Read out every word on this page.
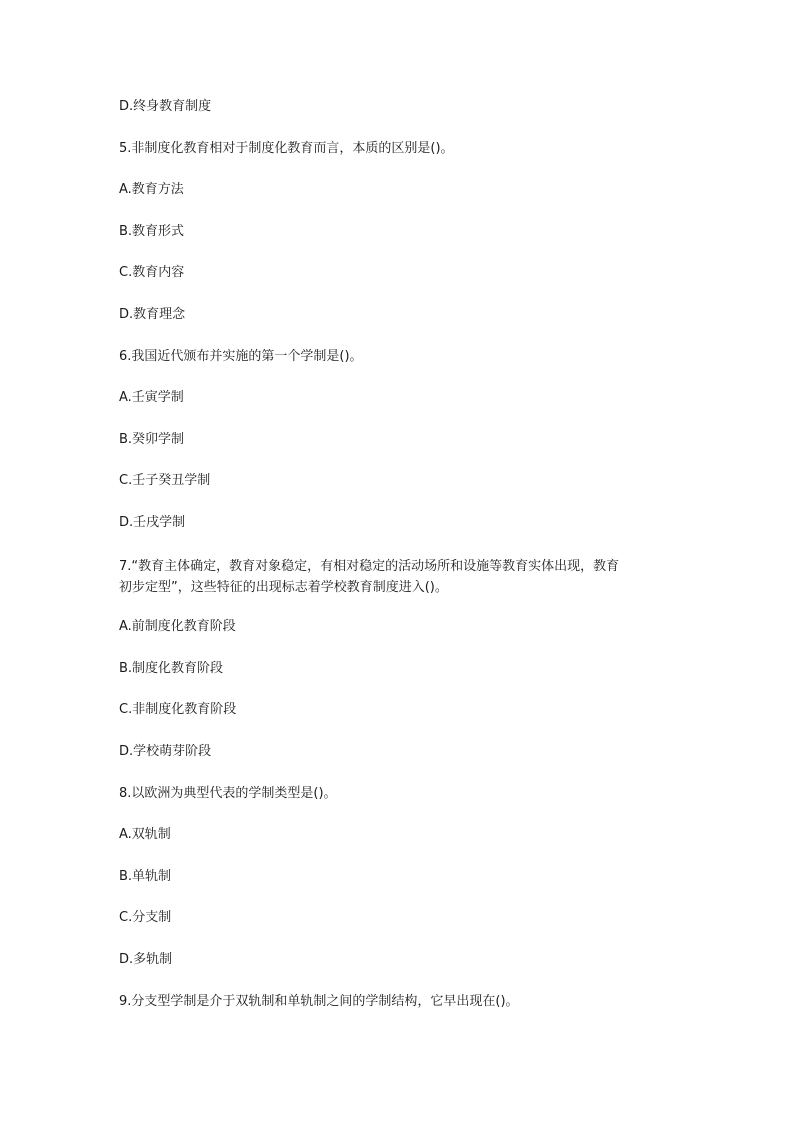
D.终身教育制度

5.非制度化教育相对于制度化教育而言，本质的区别是()。

A.教育方法

B.教育形式

C.教育内容

D.教育理念

6.我国近代颁布并实施的第一个学制是()。

A.壬寅学制

B.癸卯学制

C.壬子癸丑学制

D.壬戌学制

7.“教育主体确定，教育对象稳定，有相对稳定的活动场所和设施等教育实体出现，教育

初步定型”，这些特征的出现标志着学校教育制度进入()。

A.前制度化教育阶段

B.制度化教育阶段

C.非制度化教育阶段

D.学校萌芽阶段

8.以欧洲为典型代表的学制类型是()。

A.双轨制

B.单轨制

C.分支制

D.多轨制

9.分支型学制是介于双轨制和单轨制之间的学制结构，它早出现在()。
